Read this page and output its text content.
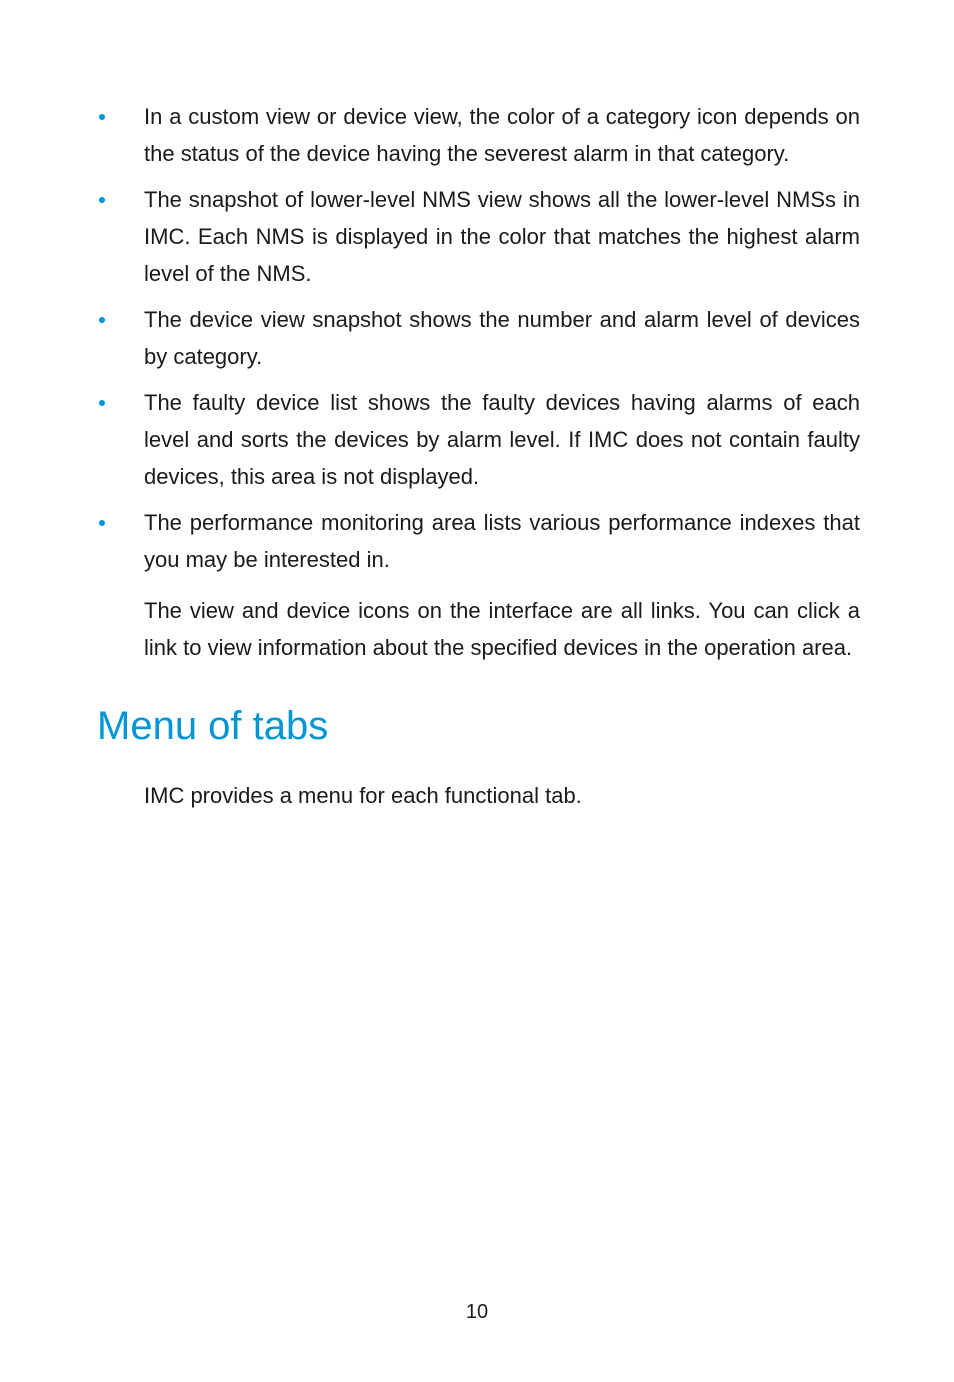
In a custom view or device view, the color of a category icon depends on the status of the device having the severest alarm in that category.
The snapshot of lower-level NMS view shows all the lower-level NMSs in IMC. Each NMS is displayed in the color that matches the highest alarm level of the NMS.
The device view snapshot shows the number and alarm level of devices by category.
The faulty device list shows the faulty devices having alarms of each level and sorts the devices by alarm level. If IMC does not contain faulty devices, this area is not displayed.
The performance monitoring area lists various performance indexes that you may be interested in.

The view and device icons on the interface are all links. You can click a link to view information about the specified devices in the operation area.

Menu of tabs

IMC provides a menu for each functional tab.

10
